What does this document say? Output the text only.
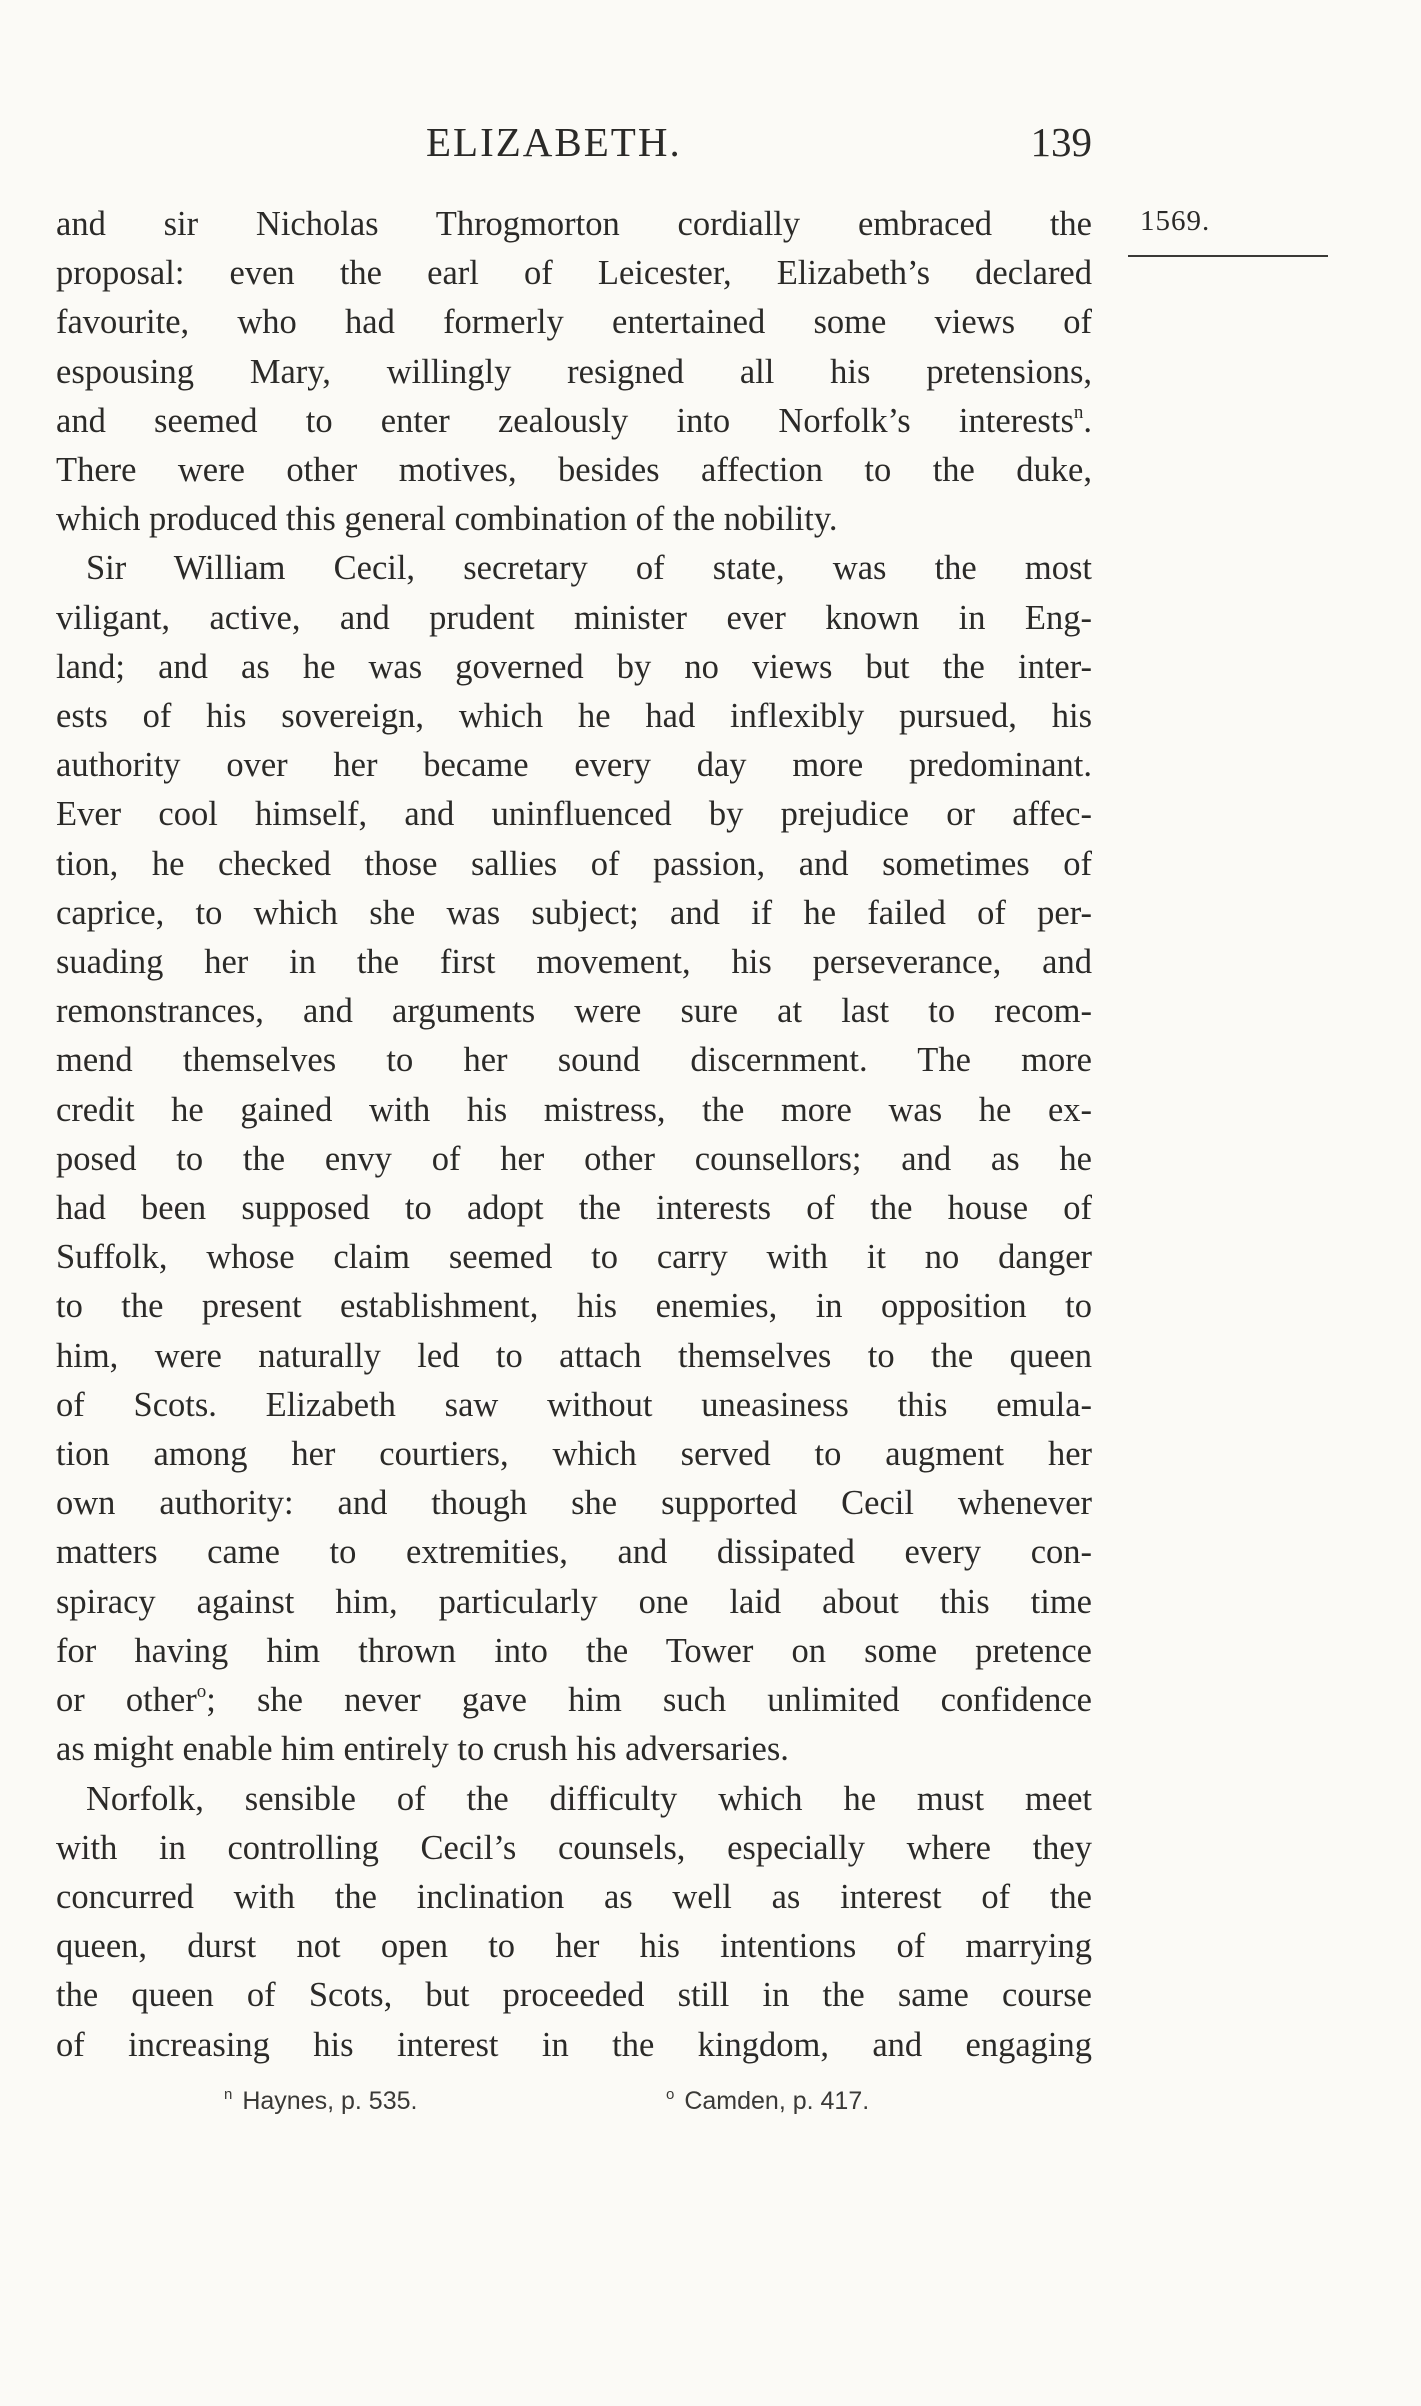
ELIZABETH.	139
1569.
and sir Nicholas Throgmorton cordially embraced the
proposal: even the earl of Leicester, Elizabeth’s declared
favourite, who had formerly entertained some views of
espousing Mary, willingly resigned all his pretensions,
and seemed to enter zealously into Norfolk’s interests$^n$.
There were other motives, besides affection to the duke,
which produced this general combination of the nobility.
Sir William Cecil, secretary of state, was the most
viligant, active, and prudent minister ever known in Eng-
land; and as he was governed by no views but the inter-
ests of his sovereign, which he had inflexibly pursued, his
authority over her became every day more predominant.
Ever cool himself, and uninfluenced by prejudice or affec-
tion, he checked those sallies of passion, and sometimes of
caprice, to which she was subject; and if he failed of per-
suading her in the first movement, his perseverance, and
remonstrances, and arguments were sure at last to recom-
mend themselves to her sound discernment. The more
credit he gained with his mistress, the more was he ex-
posed to the envy of her other counsellors; and as he
had been supposed to adopt the interests of the house of
Suffolk, whose claim seemed to carry with it no danger
to the present establishment, his enemies, in opposition to
him, were naturally led to attach themselves to the queen
of Scots. Elizabeth saw without uneasiness this emula-
tion among her courtiers, which served to augment her
own authority: and though she supported Cecil whenever
matters came to extremities, and dissipated every con-
spiracy against him, particularly one laid about this time
for having him thrown into the Tower on some pretence
or other$^o$; she never gave him such unlimited confidence
as might enable him entirely to crush his adversaries.
Norfolk, sensible of the difficulty which he must meet
with in controlling Cecil’s counsels, especially where they
concurred with the inclination as well as interest of the
queen, durst not open to her his intentions of marrying
the queen of Scots, but proceeded still in the same course
of increasing his interest in the kingdom, and engaging
$^n$ Haynes, p. 535.	$^o$ Camden, p. 417.
